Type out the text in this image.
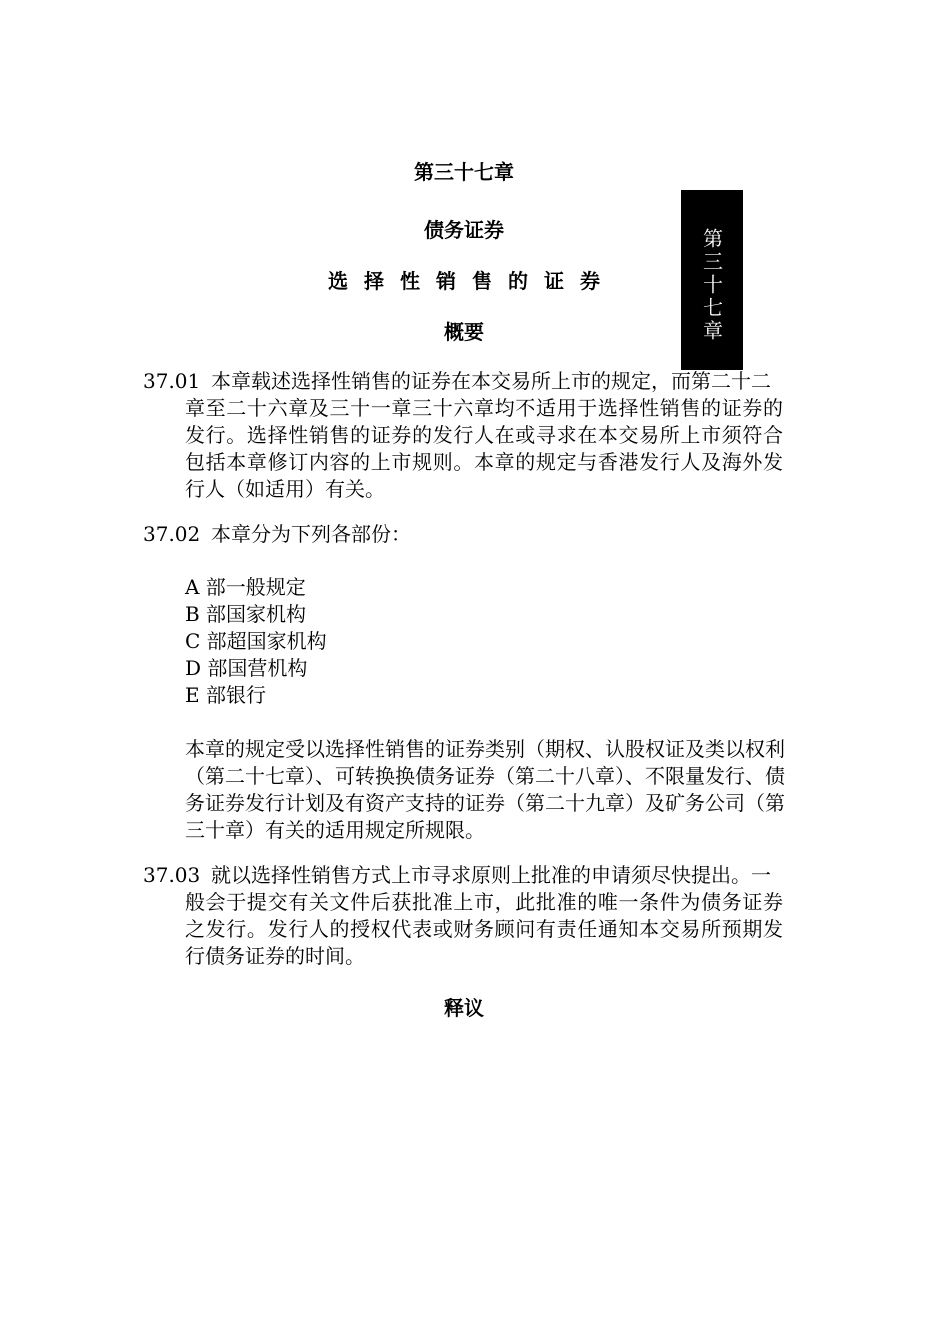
第三十七章
债务证券
选择性销售的证券
概要	第三十七章
37.01 本章载述选择性销售的证券在本交易所上市的规定，而第二十二
章至二十六章及三十一章三十六章均不适用于选择性销售的证券的发行。选择性销售的证券的发行人在或寻求在本交易所上市须符合包括本章修订内容的上市规则。本章的规定与香港发行人及海外发行人（如适用）有关。
37.02 本章分为下列各部份：
A 部一般规定
B 部国家机构
C 部超国家机构
D 部国营机构
E 部银行
本章的规定受以选择性销售的证券类别（期权、认股权证及类以权利（第二十七章）、可转换换债务证券（第二十八章）、不限量发行、债务证券发行计划及有资产支持的证券（第二十九章）及矿务公司（第三十章）有关的适用规定所规限。
37.03 就以选择性销售方式上市寻求原则上批准的申请须尽快提出。一
般会于提交有关文件后获批准上市，此批准的唯一条件为债务证券之发行。发行人的授权代表或财务顾问有责任通知本交易所预期发行债务证券的时间。
释议
